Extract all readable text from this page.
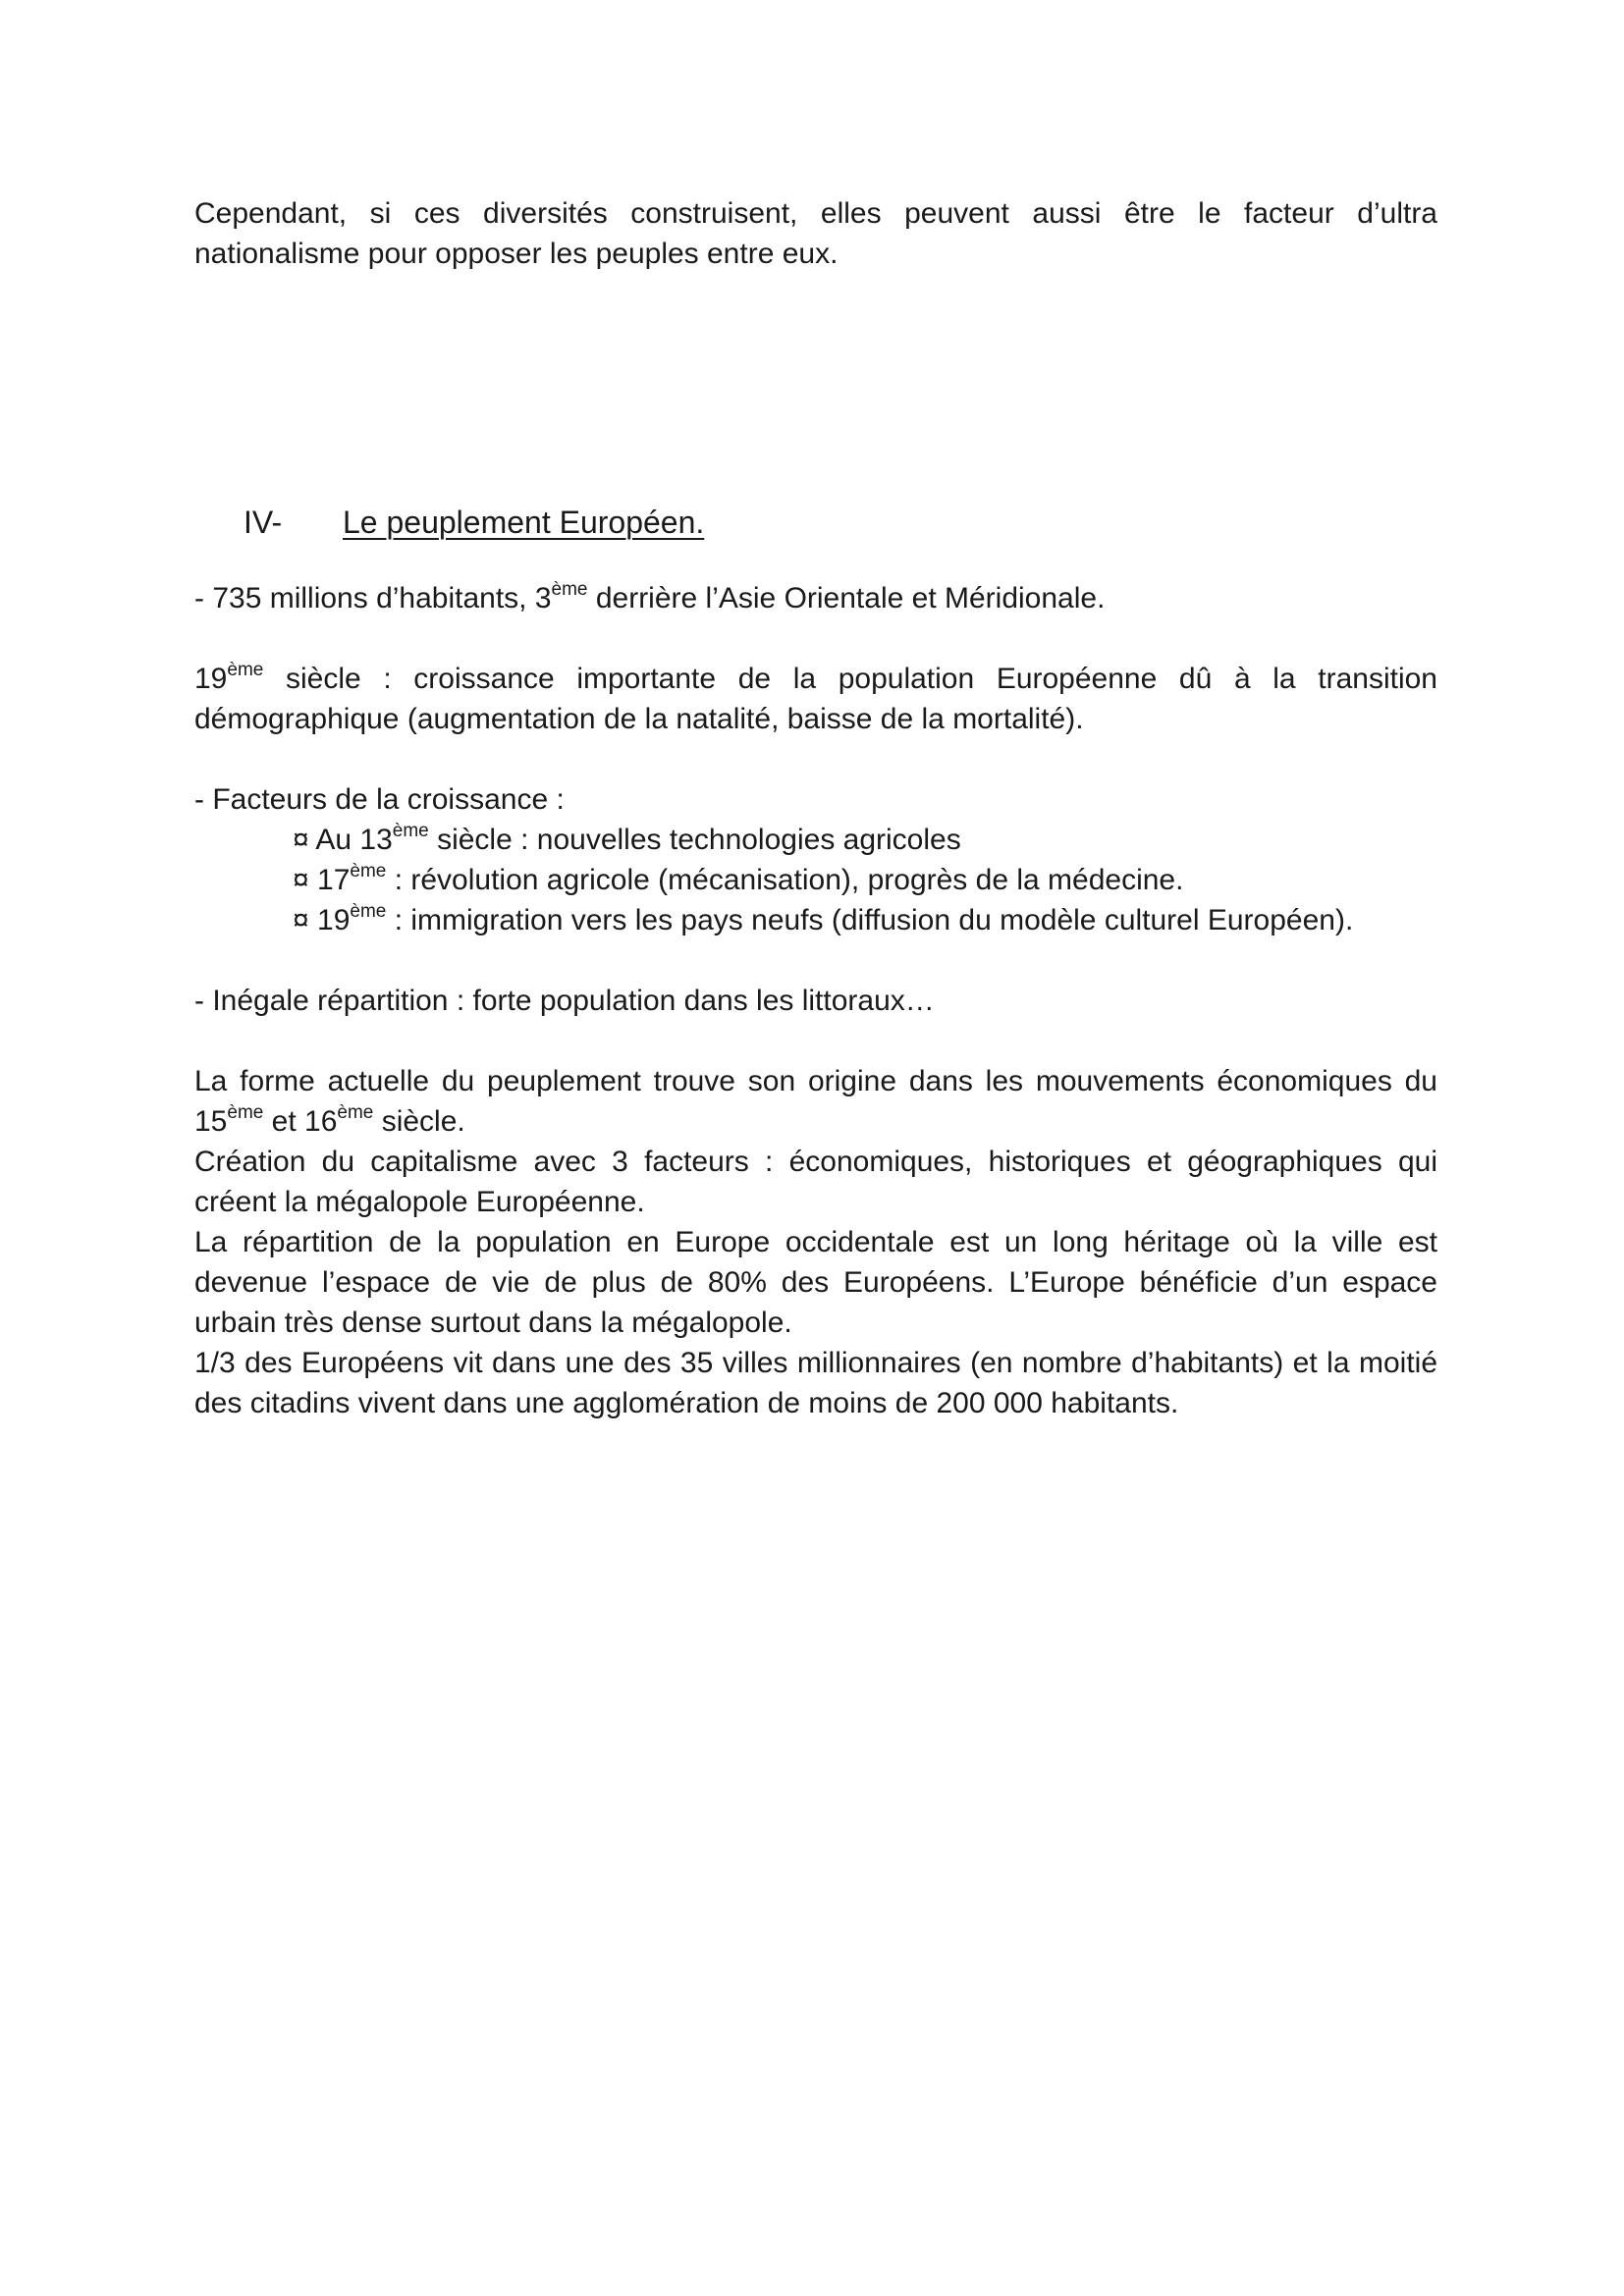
Cependant, si ces diversités construisent, elles peuvent aussi être le facteur d’ultra nationalisme pour opposer les peuples entre eux.

IV- Le peuplement Européen.
- 735 millions d’habitants, 3ème derrière l’Asie Orientale et Méridionale.

19ème siècle : croissance importante de la population Européenne dû à la transition démographique (augmentation de la natalité, baisse de la mortalité).

- Facteurs de la croissance :
¤ Au 13ème siècle : nouvelles technologies agricoles
¤ 17ème : révolution agricole (mécanisation), progrès de la médecine.
¤ 19ème : immigration vers les pays neufs (diffusion du modèle culturel Européen).
- Inégale répartition : forte population dans les littoraux…

La forme actuelle du peuplement trouve son origine dans les mouvements économiques du 15ème et 16ème siècle.

Création du capitalisme avec 3 facteurs : économiques, historiques et géographiques qui créent la mégalopole Européenne.

La répartition de la population en Europe occidentale est un long héritage où la ville est devenue l’espace de vie de plus de 80% des Européens. L’Europe bénéficie d’un espace urbain très dense surtout dans la mégalopole.

1/3 des Européens vit dans une des 35 villes millionnaires (en nombre d’habitants) et la moitié des citadins vivent dans une agglomération de moins de 200 000 habitants.
